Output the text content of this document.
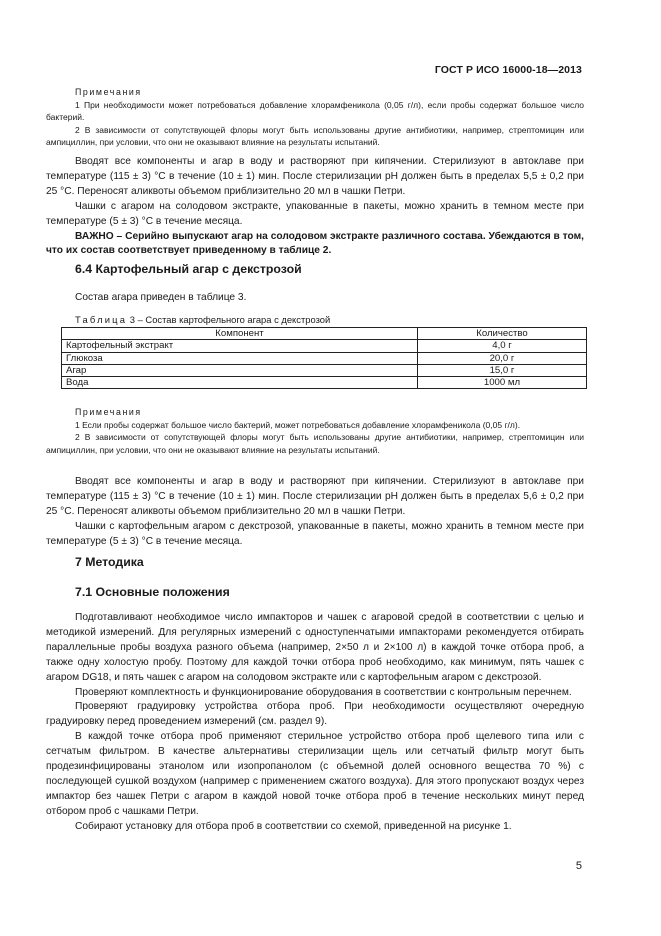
ГОСТ Р ИСО 16000-18—2013
Примечания
1 При необходимости может потребоваться добавление хлорамфеникола (0,05 г/л), если пробы содержат большое число бактерий.
2 В зависимости от сопутствующей флоры могут быть использованы другие антибиотики, например, стрептомицин или ампициллин, при условии, что они не оказывают влияние на результаты испытаний.
Вводят все компоненты и агар в воду и растворяют при кипячении. Стерилизуют в автоклаве при температуре (115 ± 3) °С в течение (10 ± 1) мин. После стерилизации pH должен быть в пределах 5,5 ± 0,2 при 25 °С. Переносят аликвоты объемом приблизительно 20 мл в чашки Петри.
Чашки с агаром на солодовом экстракте, упакованные в пакеты, можно хранить в темном месте при температуре (5 ± 3) °С в течение месяца.
ВАЖНО – Серийно выпускают агар на солодовом экстракте различного состава. Убеждаются в том, что их состав соответствует приведенному в таблице 2.
6.4 Картофельный агар с декстрозой
Состав агара приведен в таблице 3.
Таблица 3 – Состав картофельного агара с декстрозой
Компонент	Количество
Картофельный экстракт	4,0 г
Глюкоза	20,0 г
Агар	15,0 г
Вода	1000 мл
Примечания
1 Если пробы содержат большое число бактерий, может потребоваться добавление хлорамфеникола (0,05 г/л).
2 В зависимости от сопутствующей флоры могут быть использованы другие антибиотики, например, стрептомицин или ампициллин, при условии, что они не оказывают влияние на результаты испытаний.
Вводят все компоненты и агар в воду и растворяют при кипячении. Стерилизуют в автоклаве при температуре (115 ± 3) °С в течение (10 ± 1) мин. После стерилизации pH должен быть в пределах 5,6 ± 0,2 при 25 °С. Переносят аликвоты объемом приблизительно 20 мл в чашки Петри.
Чашки с картофельным агаром с декстрозой, упакованные в пакеты, можно хранить в темном месте при температуре (5 ± 3) °С в течение месяца.
7 Методика
7.1 Основные положения
Подготавливают необходимое число импакторов и чашек с агаровой средой в соответствии с целью и методикой измерений. Для регулярных измерений с одноступенчатыми импакторами рекомендуется отбирать параллельные пробы воздуха разного объема (например, 2×50 л и 2×100 л) в каждой точке отбора проб, а также одну холостую пробу. Поэтому для каждой точки отбора проб необходимо, как минимум, пять чашек с агаром DG18, и пять чашек с агаром на солодовом экстракте или с картофельным агаром с декстрозой.
Проверяют комплектность и функционирование оборудования в соответствии с контрольным перечнем.
Проверяют градуировку устройства отбора проб. При необходимости осуществляют очередную градуировку перед проведением измерений (см. раздел 9).
В каждой точке отбора проб применяют стерильное устройство отбора проб щелевого типа или с сетчатым фильтром. В качестве альтернативы стерилизации щель или сетчатый фильтр могут быть продезинфицированы этанолом или изопропанолом (с объемной долей основного вещества 70 %) с последующей сушкой воздухом (например с применением сжатого воздуха). Для этого пропускают воздух через импактор без чашек Петри с агаром в каждой новой точке отбора проб в течение нескольких минут перед отбором проб с чашками Петри.
Собирают установку для отбора проб в соответствии со схемой, приведенной на рисунке 1.
5
